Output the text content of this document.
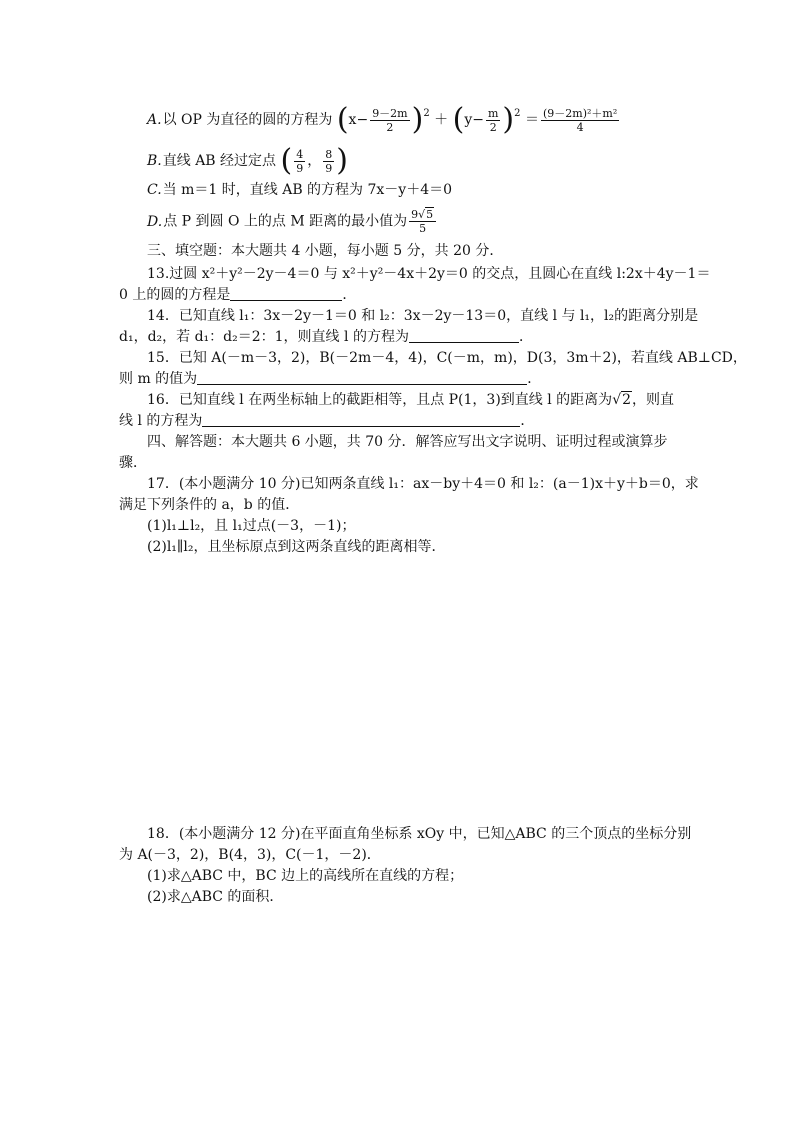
A.以 OP 为直径的圆的方程为 $(x- \frac{9-2m}{2} )^2 + (y- \frac{m}{2} )^2 = \frac{\text{(9－2m)²＋m²}}{4}$
B.直线 AB 经过定点 ( $\frac{4}{9}$ ， $\frac{8}{9}$ )
C.当 m＝1 时，直线 AB 的方程为 7x－y＋4＝0
D.点 P 到圆 O 上的点 M 距离的最小值为 $\frac{9√5}{5}$
三、填空题：本大题共 4 小题，每小题 5 分，共 20 分．
13.过圆 x²＋y²－2y－4＝0 与 x²＋y²－4x＋2y＝0 的交点，且圆心在直线 l:2x＋4y－1＝
0 上的圆的方程是	．
14．已知直线 l₁：3x－2y－1＝0 和 l₂：3x－2y－13＝0，直线 l 与 l₁，l₂的距离分别是
d₁，d₂，若 d₁：d₂＝2：1，则直线 l 的方程为	．
15．已知 A(－m－3，2)，B(－2m－4，4)，C(－m，m)，D(3，3m＋2)，若直线 AB⊥CD，
则 m 的值为	．
16．已知直线 l 在两坐标轴上的截距相等，且点 P(1，3)到直线 l 的距离为√2，则直
线 l 的方程为	．
四、解答题：本大题共 6 小题，共 70 分．解答应写出文字说明、证明过程或演算步
骤．
17．(本小题满分 10 分)已知两条直线 l₁：ax－by＋4＝0 和 l₂：(a－1)x＋y＋b＝0，求
满足下列条件的 a，b 的值．
(1)l₁⊥l₂，且 l₁过点(－3，－1)；
(2)l₁∥l₂，且坐标原点到这两条直线的距离相等．
18．(本小题满分 12 分)在平面直角坐标系 xOy 中，已知△ABC 的三个顶点的坐标分别
为 A(－3，2)，B(4，3)，C(－1，－2)．
(1)求△ABC 中，BC 边上的高线所在直线的方程；
(2)求△ABC 的面积．
